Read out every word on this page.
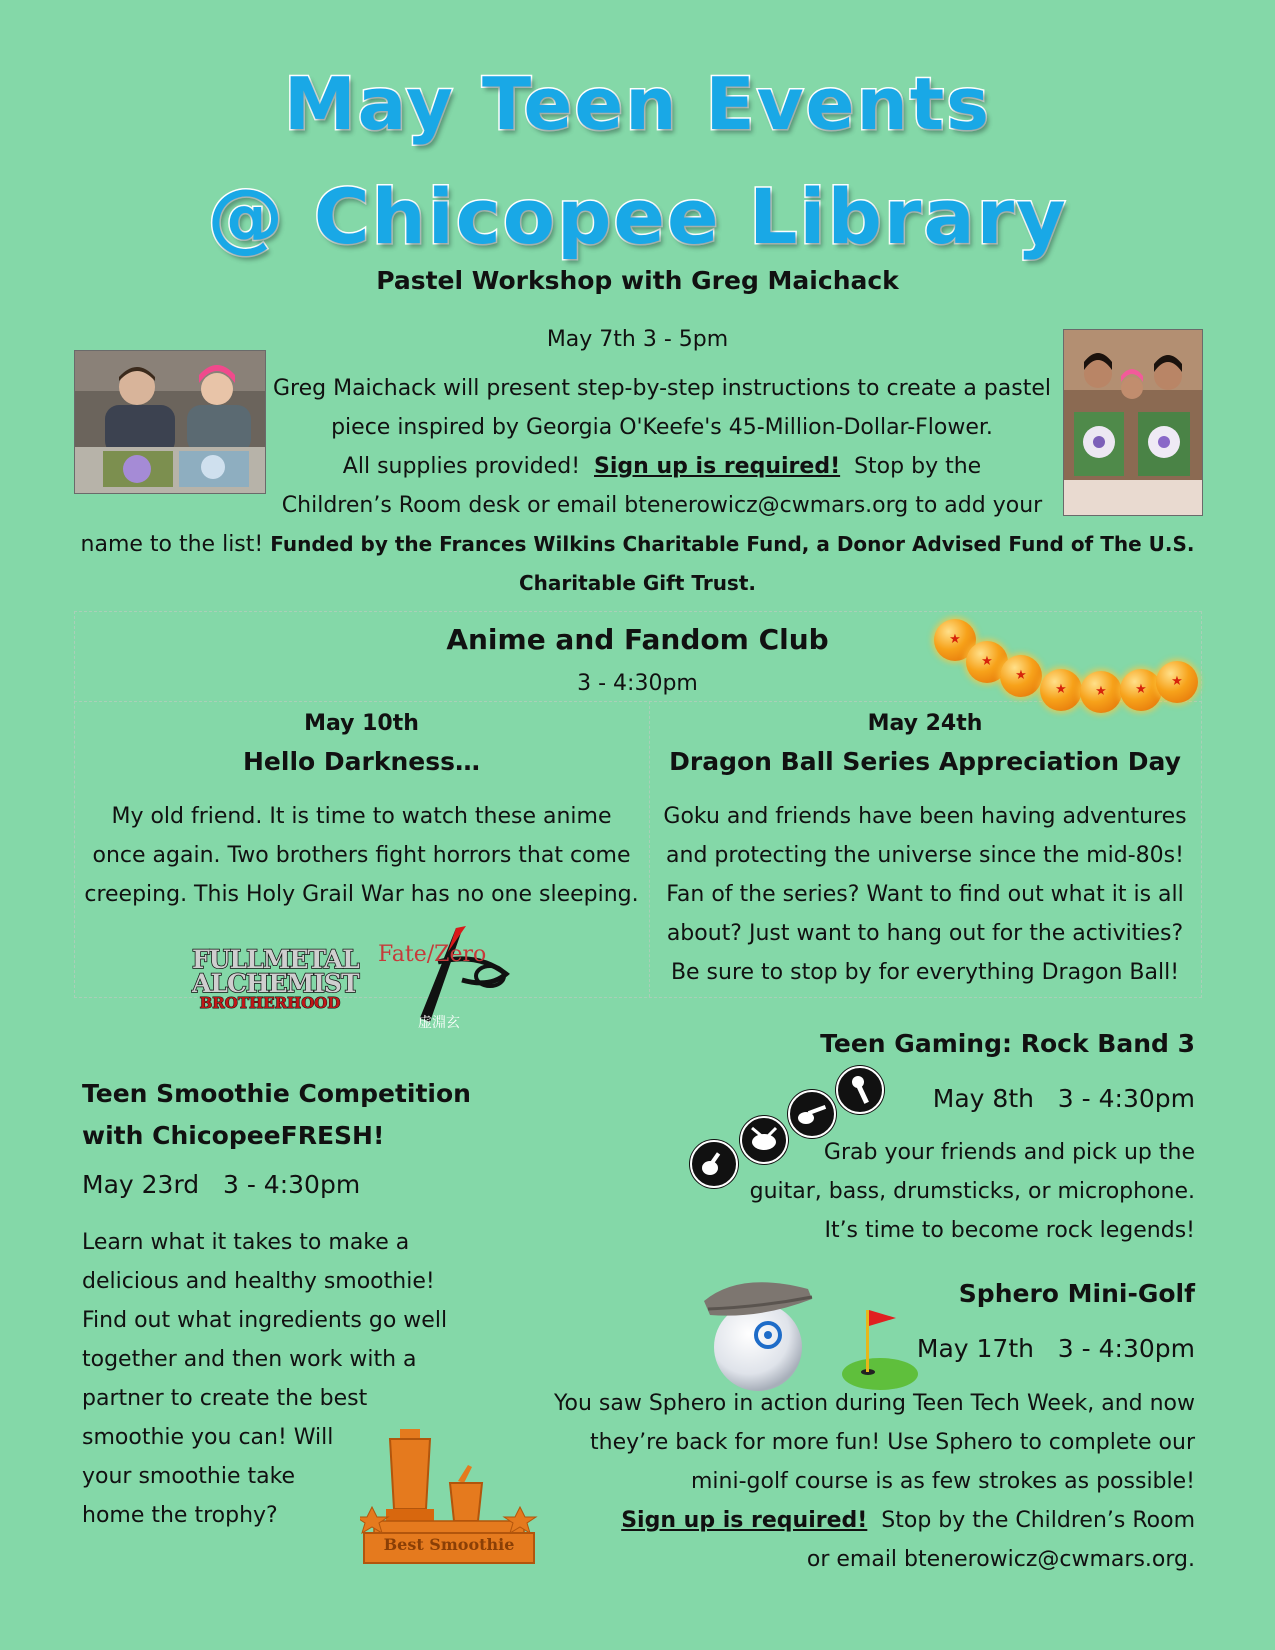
May Teen Events
@ Chicopee Library
Pastel Workshop with Greg Maichack
May 7th 3 - 5pm
Greg Maichack will present step-by-step instructions to create a pastel
piece inspired by Georgia O'Keefe's 45-Million-Dollar-Flower.
All supplies provided!  Sign up is required!  Stop by the
Children’s Room desk or email btenerowicz@cwmars.org to add your
name to the list! Funded by the Frances Wilkins Charitable Fund, a Donor Advised Fund of The U.S.
Charitable Gift Trust.
Anime and Fandom Club
3 - 4:30pm
★
★
★
★
★
★
★
May 10th
Hello Darkness…
My old friend. It is time to watch these anime
once again. Two brothers fight horrors that come
creeping. This Holy Grail War has no one sleeping.
FULLMETAL
ALCHEMIST
BROTHERHOOD
Fate/Zero
虚淵玄
May 24th
Dragon Ball Series Appreciation Day
Goku and friends have been having adventures
and protecting the universe since the mid-80s!
Fan of the series? Want to find out what it is all
about? Just want to hang out for the activities?
Be sure to stop by for everything Dragon Ball!
Teen Smoothie Competition
with ChicopeeFRESH!
May 23rd   3 - 4:30pm
Learn what it takes to make a
delicious and healthy smoothie!
Find out what ingredients go well
together and then work with a
partner to create the best
smoothie you can! Will
your smoothie take
home the trophy?
Best Smoothie
Teen Gaming: Rock Band 3
May 8th   3 - 4:30pm
Grab your friends and pick up the
guitar, bass, drumsticks, or microphone.
It’s time to become rock legends!
Sphero Mini-Golf
May 17th   3 - 4:30pm
You saw Sphero in action during Teen Tech Week, and now
they’re back for more fun! Use Sphero to complete our
mini-golf course is as few strokes as possible!
Sign up is required!  Stop by the Children’s Room
or email btenerowicz@cwmars.org.
